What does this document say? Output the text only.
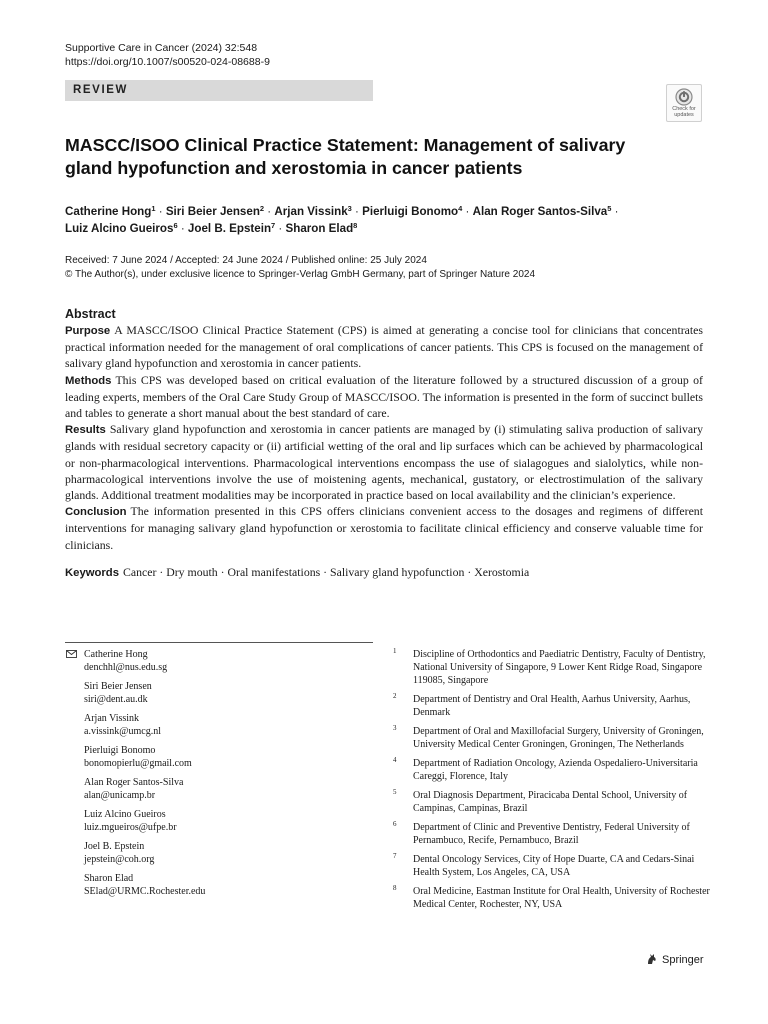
Supportive Care in Cancer (2024) 32:548
https://doi.org/10.1007/s00520-024-08688-9
REVIEW
Check for
updates
MASCC/ISOO Clinical Practice Statement: Management of salivary gland hypofunction and xerostomia in cancer patients
Catherine Hong$^1$ · Siri Beier Jensen$^2$ · Arjan Vissink$^3$ · Pierluigi Bonomo$^4$ · Alan Roger Santos-Silva$^5$ ·
Luiz Alcino Gueiros$^6$ · Joel B. Epstein$^7$ · Sharon Elad$^8$
Received: 7 June 2024 / Accepted: 24 June 2024 / Published online: 25 July 2024
© The Author(s), under exclusive licence to Springer-Verlag GmbH Germany, part of Springer Nature 2024
Abstract

Purpose A MASCC/ISOO Clinical Practice Statement (CPS) is aimed at generating a concise tool for clinicians that concentrates practical information needed for the management of oral complications of cancer patients. This CPS is focused on the management of salivary gland hypofunction and xerostomia in cancer patients.

Methods This CPS was developed based on critical evaluation of the literature followed by a structured discussion of a group of leading experts, members of the Oral Care Study Group of MASCC/ISOO. The information is presented in the form of succinct bullets and tables to generate a short manual about the best standard of care.

Results Salivary gland hypofunction and xerostomia in cancer patients are managed by (i) stimulating saliva production of salivary glands with residual secretory capacity or (ii) artificial wetting of the oral and lip surfaces which can be achieved by pharmacological or non-pharmacological interventions. Pharmacological interventions encompass the use of sialagogues and sialolytics, while non-pharmacological interventions involve the use of moistening agents, mechanical, gustatory, or electrostimulation of the salivary glands. Additional treatment modalities may be incorporated in practice based on local availability and the clinician’s experience.

Conclusion The information presented in this CPS offers clinicians convenient access to the dosages and regimens of different interventions for managing salivary gland hypofunction or xerostomia to facilitate clinical efficiency and conserve valuable time for clinicians.

Keywords Cancer · Dry mouth · Oral manifestations · Salivary gland hypofunction · Xerostomia
Catherine Hong
denchhl@nus.edu.sg
Siri Beier Jensen
siri@dent.au.dk
Arjan Vissink
a.vissink@umcg.nl
Pierluigi Bonomo
bonomopierlu@gmail.com
Alan Roger Santos-Silva
alan@unicamp.br
Luiz Alcino Gueiros
luiz.mgueiros@ufpe.br
Joel B. Epstein
jepstein@coh.org
Sharon Elad
SElad@URMC.Rochester.edu
1 Discipline of Orthodontics and Paediatric Dentistry, Faculty of Dentistry, National University of Singapore, 9 Lower Kent Ridge Road, Singapore 119085, Singapore
2 Department of Dentistry and Oral Health, Aarhus University, Aarhus, Denmark
3 Department of Oral and Maxillofacial Surgery, University of Groningen, University Medical Center Groningen, Groningen, The Netherlands
4 Department of Radiation Oncology, Azienda Ospedaliero-Universitaria Careggi, Florence, Italy
5 Oral Diagnosis Department, Piracicaba Dental School, University of Campinas, Campinas, Brazil
6 Department of Clinic and Preventive Dentistry, Federal University of Pernambuco, Recife, Pernambuco, Brazil
7 Dental Oncology Services, City of Hope Duarte, CA and Cedars-Sinai Health System, Los Angeles, CA, USA
8 Oral Medicine, Eastman Institute for Oral Health, University of Rochester Medical Center, Rochester, NY, USA
Springer
